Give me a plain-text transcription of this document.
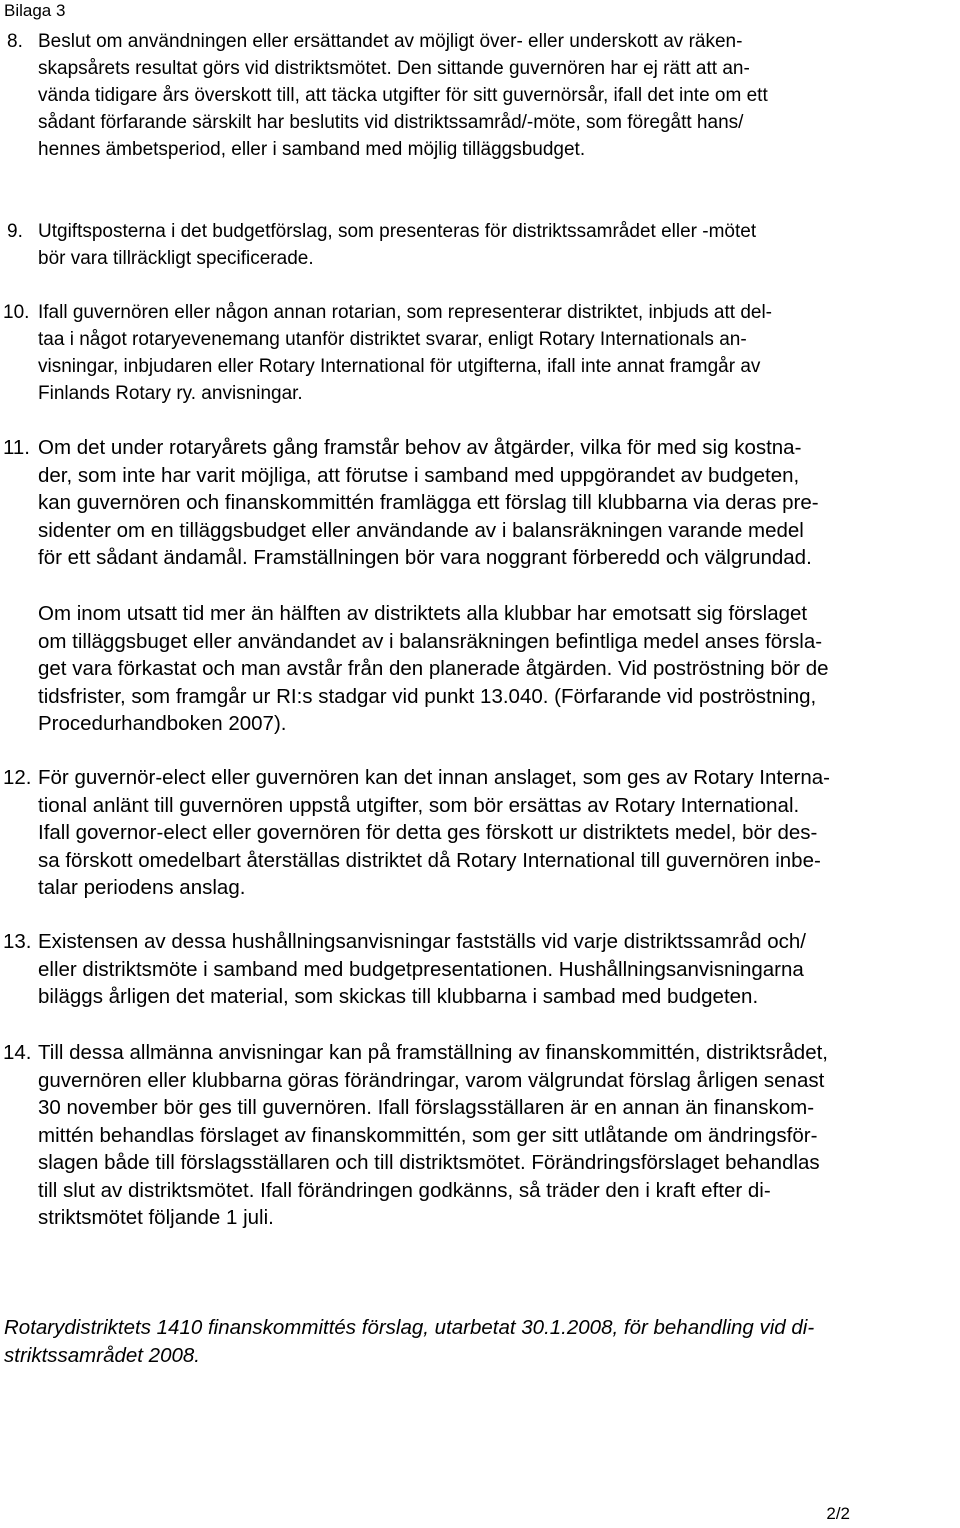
Bilaga 3
8. Beslut om användningen eller ersättandet av möjligt över- eller underskott av räken-
skapsårets resultat görs vid distriktsmötet. Den sittande guvernören har ej rätt att an-
vända tidigare års överskott till, att täcka utgifter för sitt guvernörsår, ifall det inte om ett
sådant förfarande särskilt har beslutits vid distriktssamråd/-möte, som föregått hans/
hennes ämbetsperiod, eller i samband med möjlig tilläggsbudget.
9. Utgiftsposterna i det budgetförslag, som presenteras för distriktssamrådet eller -mötet
bör vara tillräckligt specificerade.
10. Ifall guvernören eller någon annan rotarian, som representerar distriktet, inbjuds att del-
taa i något rotaryevenemang utanför distriktet svarar, enligt Rotary Internationals an-
visningar, inbjudaren eller Rotary International för utgifterna, ifall inte annat framgår av
Finlands Rotary ry. anvisningar.
11. Om det under rotaryårets gång framstår behov av åtgärder, vilka för med sig kostna-
der, som inte har varit möjliga, att förutse i samband med uppgörandet av budgeten,
kan guvernören och finanskommittén framlägga ett förslag till klubbarna via deras pre-
sidenter om en tilläggsbudget eller användande av i balansräkningen varande medel
för ett sådant ändamål. Framställningen bör vara noggrant förberedd och välgrundad.
Om inom utsatt tid mer än hälften av distriktets alla klubbar har emotsatt sig förslaget
om tilläggsbuget eller användandet av i balansräkningen befintliga medel anses försla-
get vara förkastat och man avstår från den planerade åtgärden. Vid poströstning bör de
tidsfrister, som framgår ur RI:s stadgar vid punkt 13.040. (Förfarande vid poströstning,
Procedurhandboken 2007).
12. För guvernör-elect eller guvernören kan det innan anslaget, som ges av Rotary Interna-
tional anlänt till guvernören uppstå utgifter, som bör ersättas av Rotary International.
Ifall governor-elect eller governören för detta ges förskott ur distriktets medel, bör des-
sa förskott omedelbart återställas distriktet då Rotary International till guvernören inbe-
talar periodens anslag.
13. Existensen av dessa hushållningsanvisningar fastställs vid varje distriktssamråd och/
eller distriktsmöte i samband med budgetpresentationen. Hushållningsanvisningarna
biläggs årligen det material, som skickas till klubbarna i sambad med budgeten.
14. Till dessa allmänna anvisningar kan på framställning av finanskommittén, distriktsrådet,
guvernören eller klubbarna göras förändringar, varom välgrundat förslag årligen senast
30 november bör ges till guvernören. Ifall förslagsställaren är en annan än finanskom-
mittén behandlas förslaget av finanskommittén, som ger sitt utlåtande om ändringsför-
slagen både till förslagsställaren och till distriktsmötet. Förändringsförslaget behandlas
till slut av distriktsmötet. Ifall förändringen godkänns, så träder den i kraft efter di-
striktsmötet följande 1 juli.
Rotarydistriktets 1410 finanskommittés förslag, utarbetat 30.1.2008, för behandling vid di-
striktssamrådet 2008.
2/2
